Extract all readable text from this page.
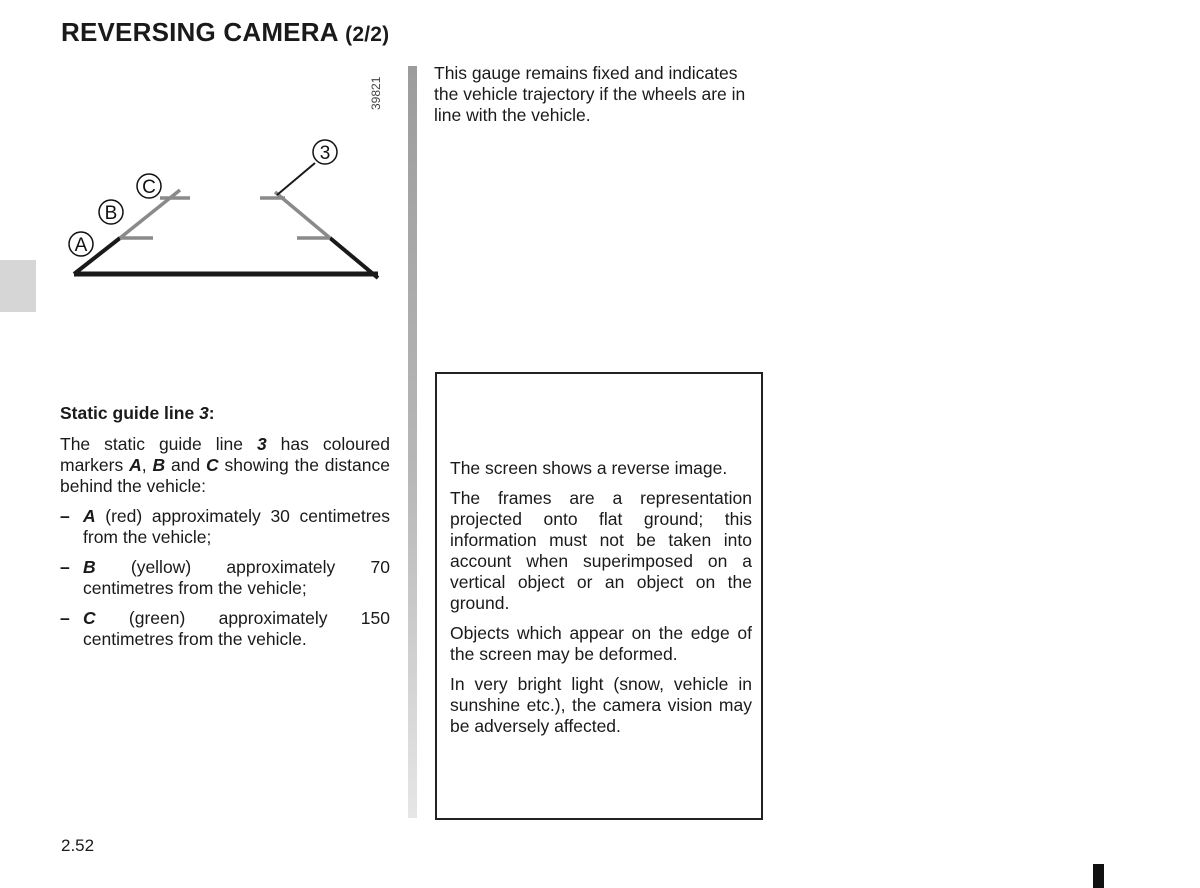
REVERSING CAMERA (2/2)
39821
3
C
B
A
Static guide line 3:
The static guide line 3 has coloured markers A, B and C showing the distance behind the vehicle:
– A (red) approximately 30 centimetres from the vehicle;
– B (yellow) approximately 70 centimetres from the vehicle;
– C (green) approximately 150 centimetres from the vehicle.
This gauge remains fixed and indicates the vehicle trajectory if the wheels are in line with the vehicle.

The screen shows a reverse image.

The frames are a representation projected onto flat ground; this information must not be taken into account when superimposed on a vertical object or an object on the ground.

Objects which appear on the edge of the screen may be deformed.

In very bright light (snow, vehicle in sunshine etc.), the camera vision may be adversely affected.

2.52
